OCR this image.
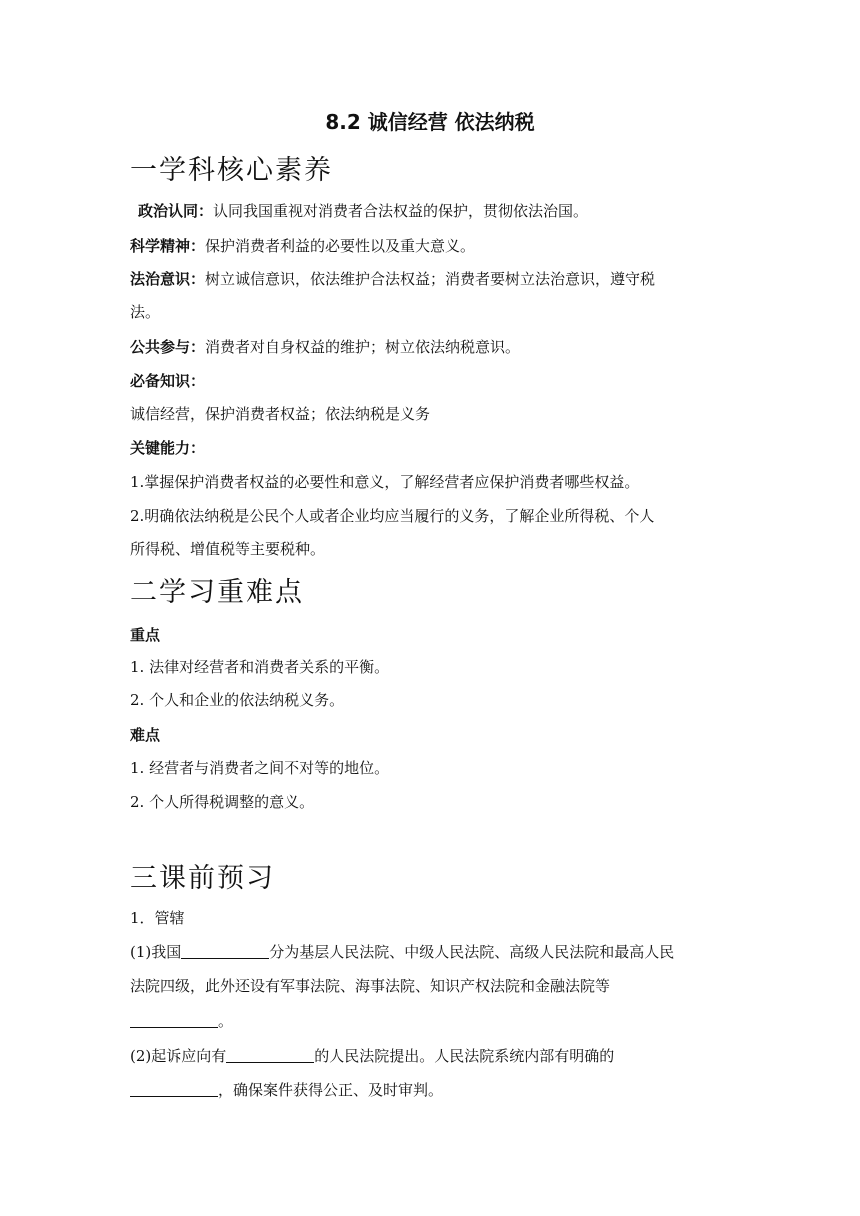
8.2 诚信经营 依法纳税
一学科核心素养
政治认同：认同我国重视对消费者合法权益的保护，贯彻依法治国。
科学精神：保护消费者利益的必要性以及重大意义。
法治意识：树立诚信意识，依法维护合法权益；消费者要树立法治意识，遵守税
法。
公共参与：消费者对自身权益的维护；树立依法纳税意识。
必备知识：
诚信经营，保护消费者权益；依法纳税是义务
关键能力：
1.掌握保护消费者权益的必要性和意义，了解经营者应保护消费者哪些权益。
2.明确依法纳税是公民个人或者企业均应当履行的义务，了解企业所得税、个人
所得税、增值税等主要税种。
二学习重难点
重点
1. 法律对经营者和消费者关系的平衡。
2. 个人和企业的依法纳税义务。
难点
1. 经营者与消费者之间不对等的地位。
2. 个人所得税调整的意义。
三课前预习
1．管辖
(1)我国	分为基层人民法院、中级人民法院、高级人民法院和最高人民
法院四级，此外还设有军事法院、海事法院、知识产权法院和金融法院等
。
(2)起诉应向有	的人民法院提出。人民法院系统内部有明确的
，确保案件获得公正、及时审判。
